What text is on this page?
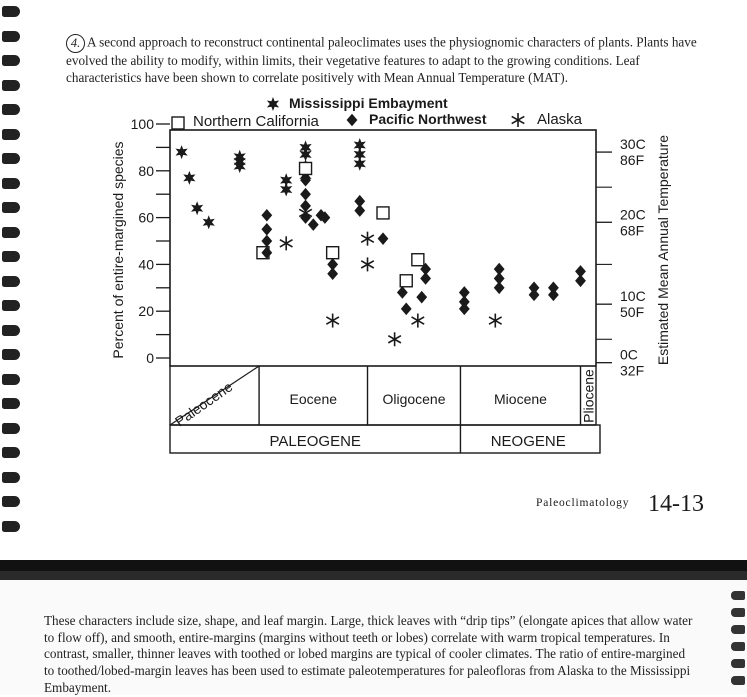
4. A second approach to reconstruct continental paleoclimates uses the physiognomic characters of plants. Plants have evolved the ability to modify, within limits, their vegetative features to adapt to the growing conditions. Leaf characteristics have been shown to correlate positively with Mean Annual Temperature (MAT).
Mississippi Embayment
Northern California	Pacific Northwest	Alaska
Percent of entire-margined species	Estimated Mean Annual Temperature
100
80
60
40
20
0
30C
86F
20C
68F
10C
50F
0C
32F
Paleocene	Eocene	Oligocene	Miocene Pliocene
PALEOGENE	NEOGENE
Paleoclimatology 14-13
These characters include size, shape, and leaf margin. Large, thick leaves with “drip tips” (elongate apices that allow water to flow off), and smooth, entire-margins (margins without teeth or lobes) correlate with warm tropical temperatures. In contrast, smaller, thinner leaves with toothed or lobed margins are typical of cooler climates. The ratio of entire-margined to toothed/lobed-margin leaves has been used to estimate paleotemperatures for paleofloras from Alaska to the Mississippi Embayment.
